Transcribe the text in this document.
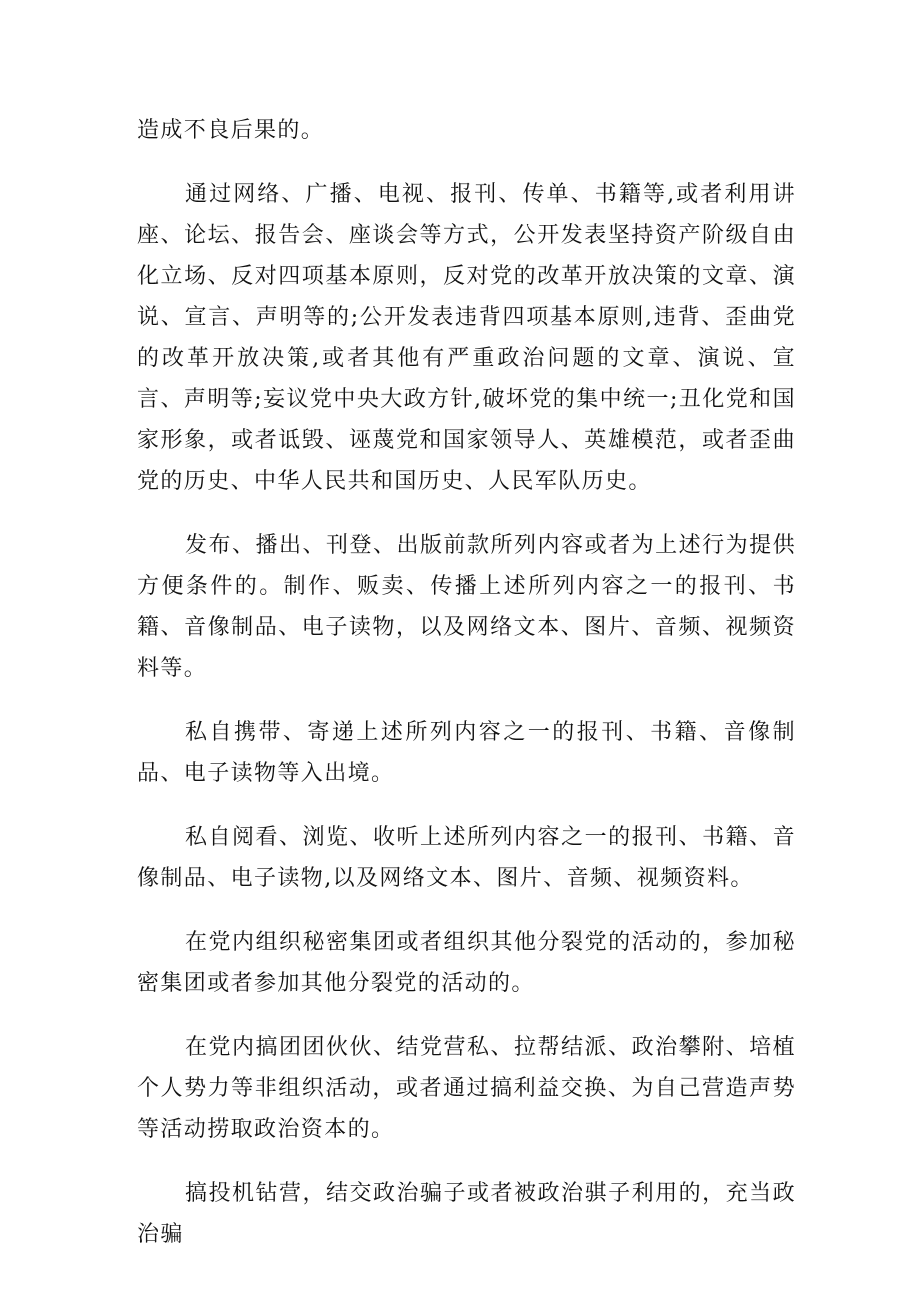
造成不良后果的。

通过网络、广播、电视、报刊、传单、书籍等,或者利用讲座、论坛、报告会、座谈会等方式，公开发表坚持资产阶级自由化立场、反对四项基本原则，反对党的改革开放决策的文章、演说、宣言、声明等的;公开发表违背四项基本原则,违背、歪曲党的改革开放决策,或者其他有严重政治问题的文章、演说、宣言、声明等;妄议党中央大政方针,破坏党的集中统一;丑化党和国家形象，或者诋毁、诬蔑党和国家领导人、英雄模范，或者歪曲党的历史、中华人民共和国历史、人民军队历史。

发布、播出、刊登、出版前款所列内容或者为上述行为提供方便条件的。制作、贩卖、传播上述所列内容之一的报刊、书籍、音像制品、电子读物，以及网络文本、图片、音频、视频资料等。

私自携带、寄递上述所列内容之一的报刊、书籍、音像制品、电子读物等入出境。

私自阅看、浏览、收听上述所列内容之一的报刊、书籍、音像制品、电子读物,以及网络文本、图片、音频、视频资料。

在党内组织秘密集团或者组织其他分裂党的活动的，参加秘密集团或者参加其他分裂党的活动的。

在党内搞团团伙伙、结党营私、拉帮结派、政治攀附、培植个人势力等非组织活动，或者通过搞利益交换、为自己营造声势等活动捞取政治资本的。

搞投机钻营，结交政治骗子或者被政治骐子利用的，充当政治骗
